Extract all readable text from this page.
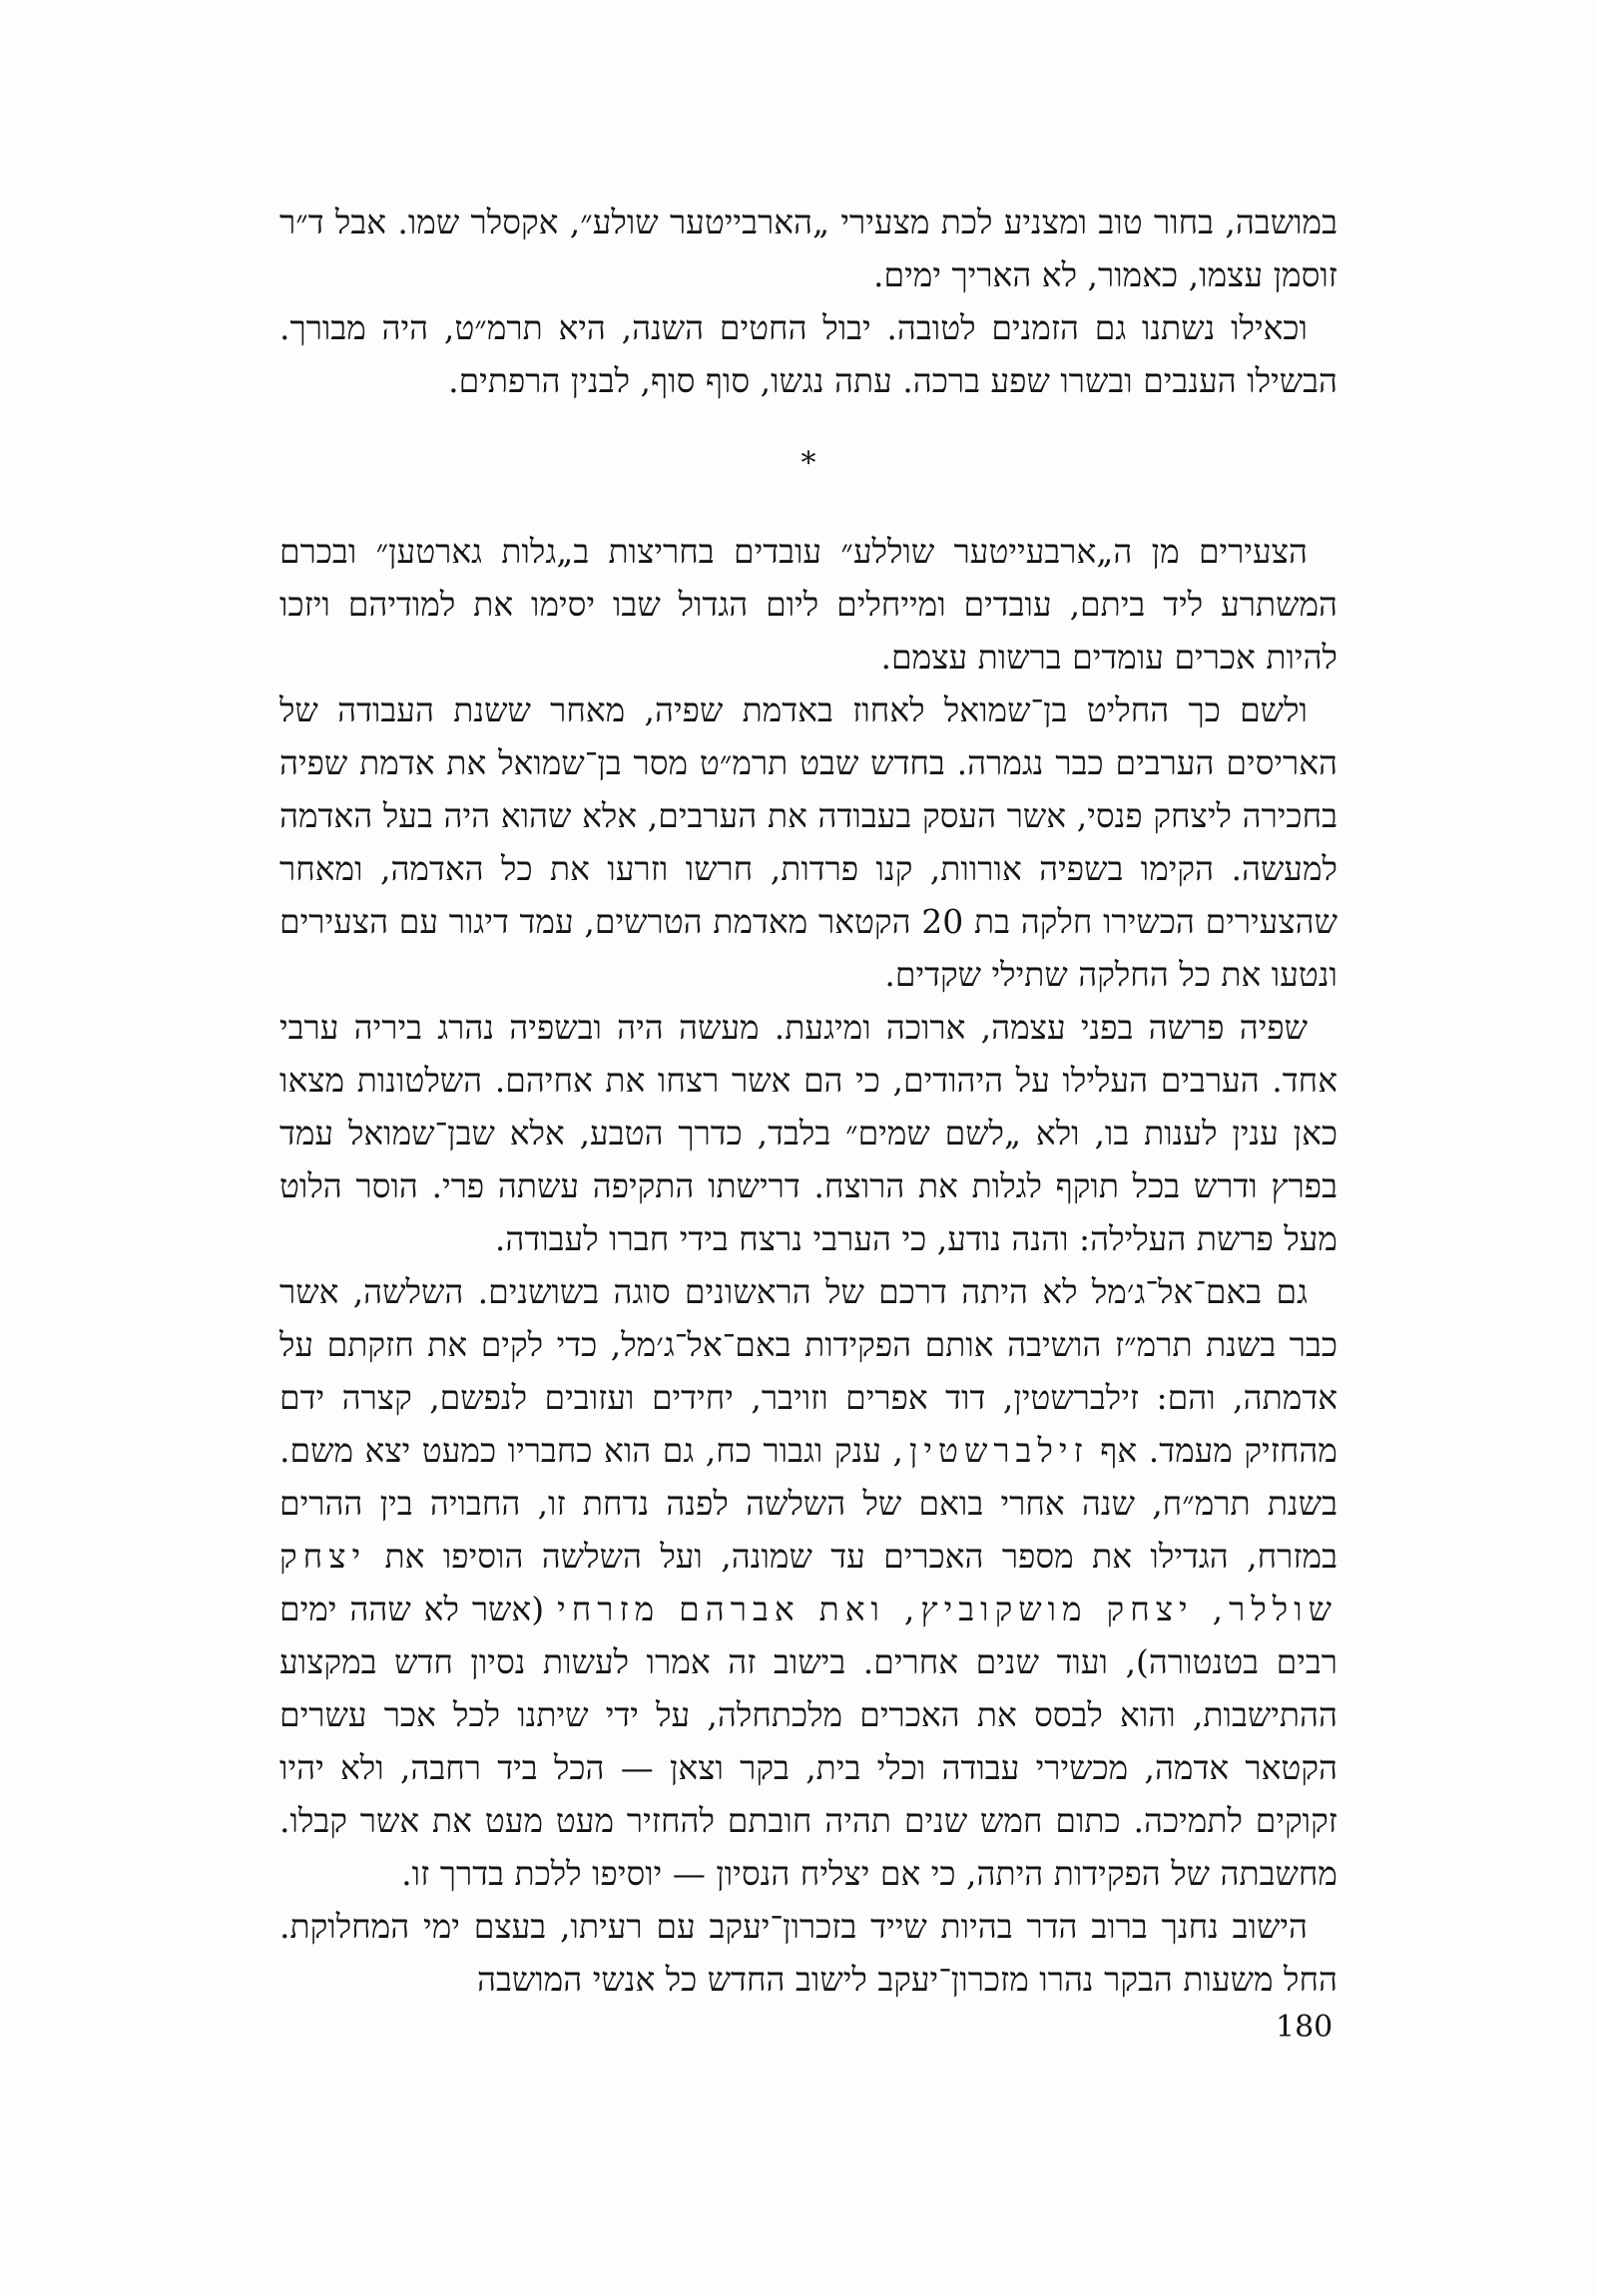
במושבה, בחור טוב ומצניע לכת מצעירי „הארבייטער שולע״, אקסלר שמו. אבל ד״ר זוסמן עצמו, כאמור, לא האריך ימים.

וכאילו נשתנו גם הזמנים לטובה. יבול החטים השנה, היא תרמ״ט, היה מבורך. הבשילו הענבים ובשרו שפע ברכה. עתה נגשו, סוף סוף, לבנין הרפתים.

*

הצעירים מן ה„ארבעייטער שוללע״ עובדים בחריצות ב„גלות גארטען״ ובכרם המשתרע ליד ביתם, עובדים ומייחלים ליום הגדול שבו יסימו את למודיהם ויזכו להיות אכרים עומדים ברשות עצמם.

ולשם כך החליט בן־שמואל לאחוז באדמת שפיה, מאחר ששנת העבודה של האריסים הערבים כבר נגמרה. בחדש שבט תרמ״ט מסר בן־שמואל את אדמת שפיה בחכירה ליצחק פנסי, אשר העסק בעבודה את הערבים, אלא שהוא היה בעל האדמה למעשה. הקימו בשפיה אורוות, קנו פרדות, חרשו וזרעו את כל האדמה, ומאחר שהצעירים הכשירו חלקה בת 20 הקטאר מאדמת הטרשים, עמד דיגור עם הצעירים ונטעו את כל החלקה שתילי שקדים.

שפיה פרשה בפני עצמה, ארוכה ומיגעת. מעשה היה ובשפיה נהרג ביריה ערבי אחד. הערבים העלילו על היהודים, כי הם אשר רצחו את אחיהם. השלטונות מצאו כאן ענין לענות בו, ולא „לשם שמים״ בלבד, כדרך הטבע, אלא שבן־שמואל עמד בפרץ ודרש בכל תוקף לגלות את הרוצח. דרישתו התקיפה עשתה פרי. הוסר הלוט מעל פרשת העלילה: והנה נודע, כי הערבי נרצח בידי חברו לעבודה.

גם באם־אל־ג׳מל לא היתה דרכם של הראשונים סוגה בשושנים. השלשה, אשר כבר בשנת תרמ״ז הושיבה אותם הפקידות באם־אל־ג׳מל, כדי לקים את חזקתם על אדמתה, והם: זילברשטין, דוד אפרים וזויבר, יחידים ועזובים לנפשם, קצרה ידם מהחזיק מעמד. אף זילברשטין, ענק וגבור כח, גם הוא כחבריו כמעט יצא משם. בשנת תרמ״ח, שנה אחרי בואם של השלשה לפנה נדחת זו, החבויה בין ההרים במזרח, הגדילו את מספר האכרים עד שמונה, ועל השלשה הוסיפו את יצחק שוללר, יצחק מושקוביץ, ואת אברהם מזרחי (אשר לא שהה ימים רבים בטנטורה), ועוד שנים אחרים. בישוב זה אמרו לעשות נסיון חדש במקצוע ההתישבות, והוא לבסס את האכרים מלכתחלה, על ידי שיתנו לכל אכר עשרים הקטאר אדמה, מכשירי עבודה וכלי בית, בקר וצאן — הכל ביד רחבה, ולא יהיו זקוקים לתמיכה. כתום חמש שנים תהיה חובתם להחזיר מעט מעט את אשר קבלו. מחשבתה של הפקידות היתה, כי אם יצליח הנסיון — יוסיפו ללכת בדרך זו.

הישוב נחנך ברוב הדר בהיות שייד בזכרון־יעקב עם רעיתו, בעצם ימי המחלוקת. החל משעות הבקר נהרו מזכרון־יעקב לישוב החדש כל אנשי המושבה

180
